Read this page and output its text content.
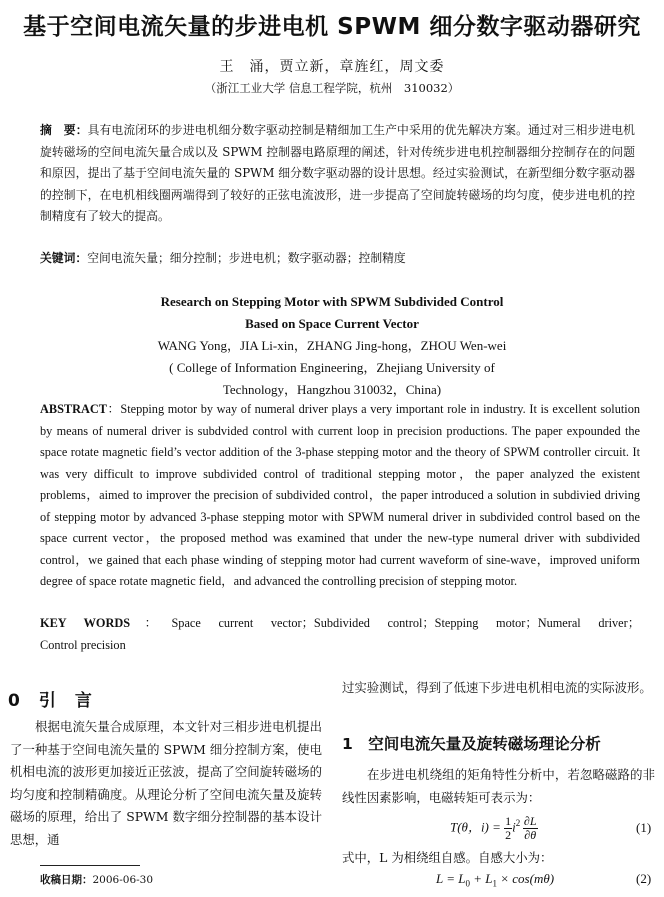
基于空间电流矢量的步进电机 SPWM 细分数字驱动器研究
王　涌，贾立新，章旌红，周文委
（浙江工业大学 信息工程学院，杭州　310032）
摘　要：具有电流闭环的步进电机细分数字驱动控制是精细加工生产中采用的优先解决方案。通过对三相步进电机旋转磁场的空间电流矢量合成以及 SPWM 控制器电路原理的阐述，针对传统步进电机控制器细分控制存在的问题和原因，提出了基于空间电流矢量的 SPWM 细分数字驱动器的设计思想。经过实验测试，在新型细分数字驱动器的控制下，在电机相线圈两端得到了较好的正弦电流波形，进一步提高了空间旋转磁场的均匀度，使步进电机的控制精度有了较大的提高。
关键词：空间电流矢量；细分控制；步进电机；数字驱动器；控制精度
Research on Stepping Motor with SPWM Subdivided Control
Based on Space Current Vector
WANG Yong，JIA Li-xin，ZHANG Jing-hong，ZHOU Wen-wei
( College of Information Engineering，Zhejiang University of
Technology，Hangzhou 310032，China)
ABSTRACT：Stepping motor by way of numeral driver plays a very important role in industry. It is excellent solution by means of numeral driver is subdvided control with current loop in precision productions. The paper expounded the space rotate magnetic field’s vector addition of the 3-phase stepping motor and the theory of SPWM controller circuit. It was very difficult to improve subdivided control of traditional stepping motor，the paper analyzed the existent problems，aimed to improver the precision of subdivided control，the paper introduced a solution in subdivied driving of stepping motor by advanced 3-phase stepping motor with SPWM numeral driver in subdivided control based on the space current vector，the proposed method was examined that under the new-type numeral driver with subdivided control，we gained that each phase winding of stepping motor had current waveform of sine-wave，improved uniform degree of space rotate magnetic field，and advanced the controlling precision of stepping motor.
KEY WORDS：Space current vector；Subdivided control；Stepping motor；Numeral driver；
Control precision
0　引　言
根据电流矢量合成原理，本文针对三相步进电机提出了一种基于空间电流矢量的 SPWM 细分控制方案，使电机相电流的波形更加接近正弦波，提高了空间旋转磁场的均匀度和控制精确度。从理论分析了空间电流矢量及旋转磁场的原理，给出了 SPWM 数字细分控制器的基本设计思想，通
收稿日期：2006-06-30
过实验测试，得到了低速下步进电机相电流的实际波形。
1　空间电流矢量及旋转磁场理论分析
在步进电机绕组的矩角特性分析中，若忽略磁路的非线性因素影响，电磁转矩可表示为：
T(θ，$i) = \frac{1}{2} i^2 \frac{\partial L}{\partial\theta}$	(1)
式中，L 为相绕组自感。自感大小为：
$L = L_0 + L_1 \times \cos(m\theta)$	(2)
